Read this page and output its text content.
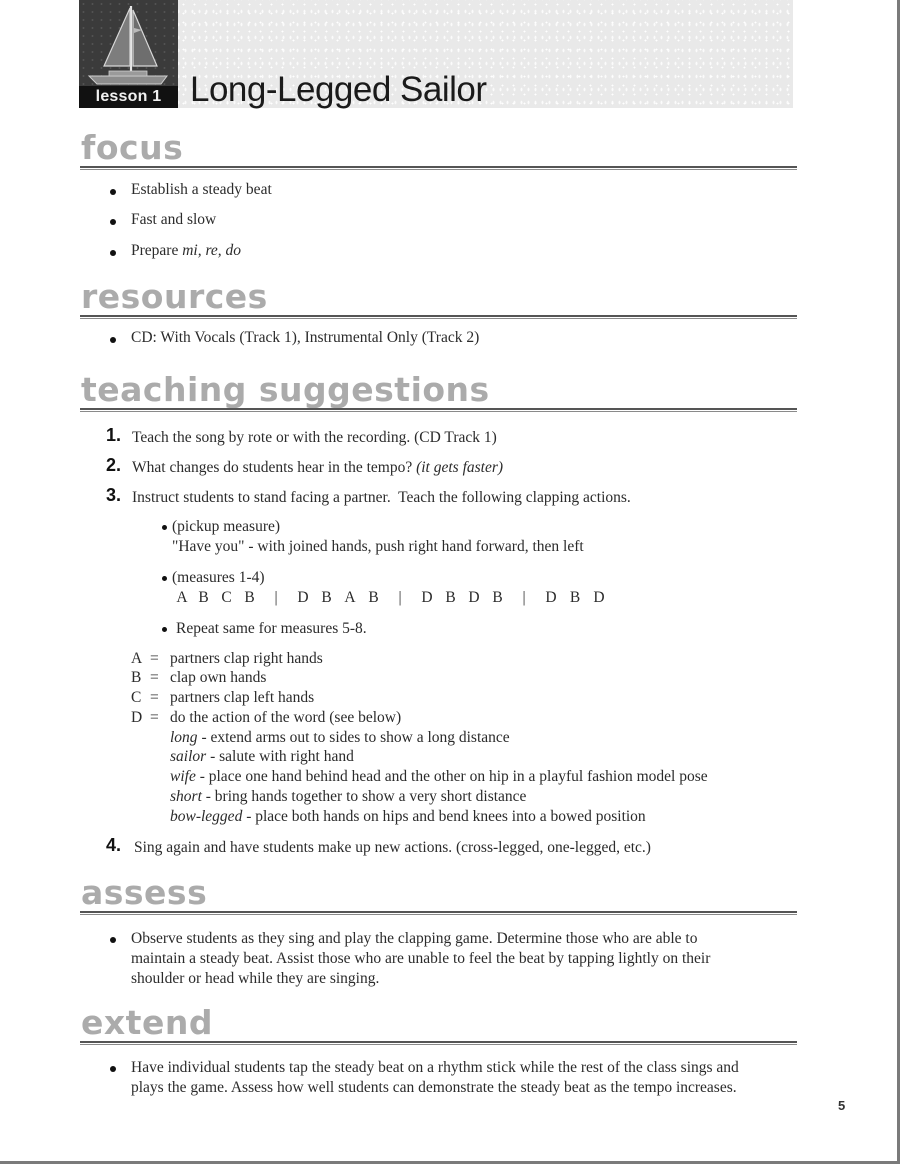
lesson 1 Long-Legged Sailor
focus
Establish a steady beat
Fast and slow
Prepare mi, re, do
resources
CD: With Vocals (Track 1), Instrumental Only (Track 2)
teaching suggestions
1. Teach the song by rote or with the recording. (CD Track 1)
2. What changes do students hear in the tempo? (it gets faster)
3. Instruct students to stand facing a partner.  Teach the following clapping actions.
(pickup measure)
"Have you" - with joined hands, push right hand forward, then left
(measures 1-4)
A B C B | D B A B | D B D B | D B D
Repeat same for measures 5-8.
A = partners clap right hands
B = clap own hands
C = partners clap left hands
D = do the action of the word (see below)
long - extend arms out to sides to show a long distance
sailor - salute with right hand
wife - place one hand behind head and the other on hip in a playful fashion model pose
short - bring hands together to show a very short distance
bow-legged - place both hands on hips and bend knees into a bowed position
4. Sing again and have students make up new actions. (cross-legged, one-legged, etc.)
assess
Observe students as they sing and play the clapping game. Determine those who are able to
maintain a steady beat. Assist those who are unable to feel the beat by tapping lightly on their
shoulder or head while they are singing.
extend
Have individual students tap the steady beat on a rhythm stick while the rest of the class sings and
plays the game. Assess how well students can demonstrate the steady beat as the tempo increases.
5
